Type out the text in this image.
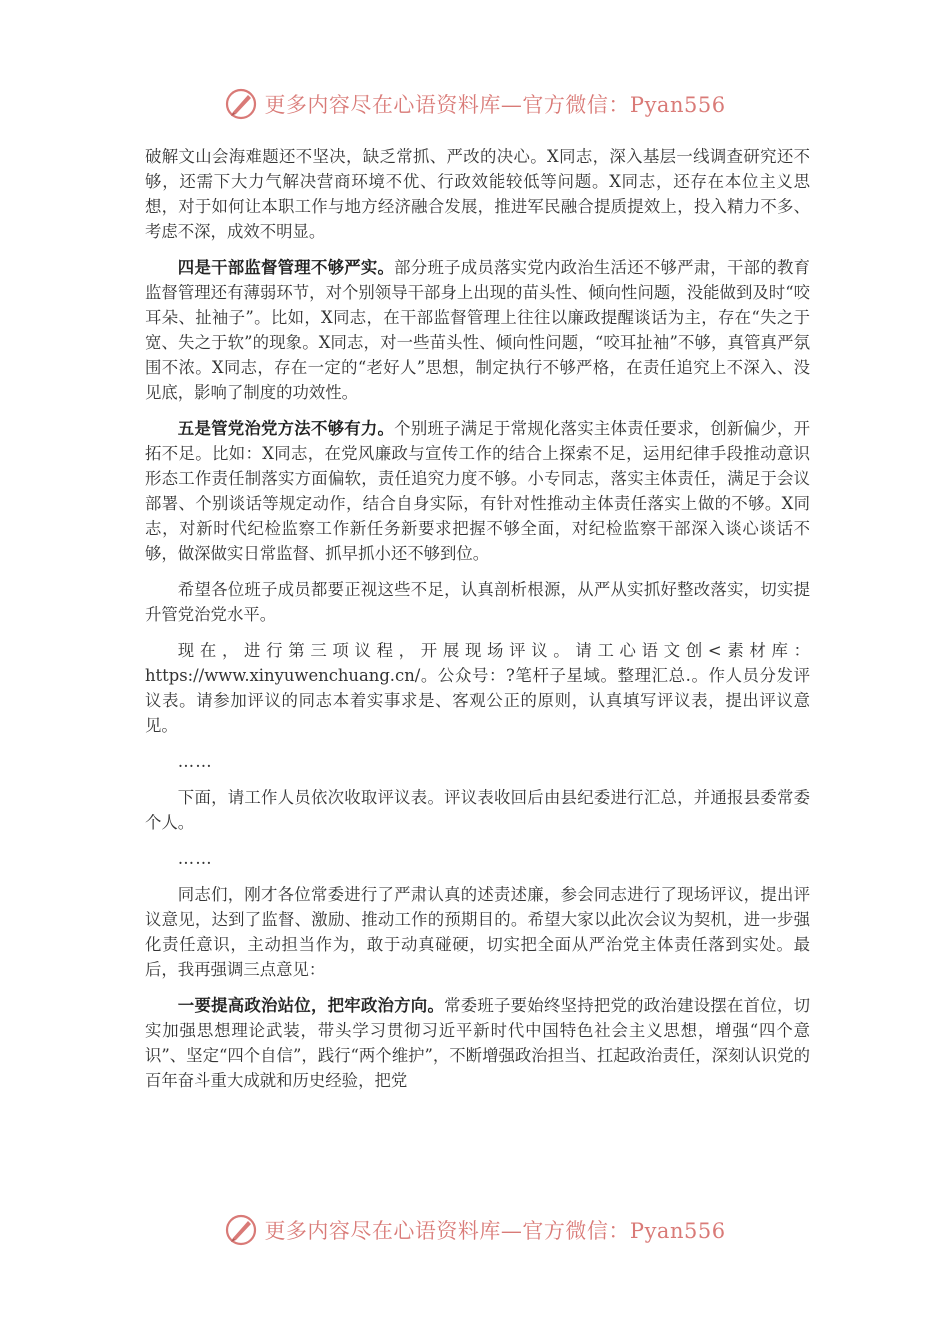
更多内容尽在心语资料库—官方微信：Pyan556

破解文山会海难题还不坚决，缺乏常抓、严改的决心。X同志，深入基层一线调查研究还不够，还需下大力气解决营商环境不优、行政效能较低等问题。X同志，还存在本位主义思想，对于如何让本职工作与地方经济融合发展，推进军民融合提质提效上，投入精力不多、考虑不深，成效不明显。

四是干部监督管理不够严实。部分班子成员落实党内政治生活还不够严肃，干部的教育监督管理还有薄弱环节，对个别领导干部身上出现的苗头性、倾向性问题，没能做到及时“咬耳朵、扯袖子”。比如，X同志，在干部监督管理上往往以廉政提醒谈话为主，存在“失之于宽、失之于软”的现象。X同志，对一些苗头性、倾向性问题，“咬耳扯袖”不够，真管真严氛围不浓。X同志，存在一定的“老好人”思想，制定执行不够严格，在责任追究上不深入、没见底，影响了制度的功效性。

五是管党治党方法不够有力。个别班子满足于常规化落实主体责任要求，创新偏少，开拓不足。比如：X同志，在党风廉政与宣传工作的结合上探索不足，运用纪律手段推动意识形态工作责任制落实方面偏软，责任追究力度不够。小专同志，落实主体责任，满足于会议部署、个别谈话等规定动作，结合自身实际，有针对性推动主体责任落实上做的不够。X同志，对新时代纪检监察工作新任务新要求把握不够全面，对纪检监察干部深入谈心谈话不够，做深做实日常监督、抓早抓小还不够到位。

希望各位班子成员都要正视这些不足，认真剖析根源，从严从实抓好整改落实，切实提升管党治党水平。

现在，进行第三项议程，开展现场评议。请工心语文创<素材库：https://www.xinyuwenchuang.cn/。公众号：?笔杆子星域。整理汇总.。作人员分发评议表。请参加评议的同志本着实事求是、客观公正的原则，认真填写评议表，提出评议意见。

……

下面，请工作人员依次收取评议表。评议表收回后由县纪委进行汇总，并通报县委常委个人。

……

同志们，刚才各位常委进行了严肃认真的述责述廉，参会同志进行了现场评议，提出评议意见，达到了监督、激励、推动工作的预期目的。希望大家以此次会议为契机，进一步强化责任意识，主动担当作为，敢于动真碰硬，切实把全面从严治党主体责任落到实处。最后，我再强调三点意见：

一要提高政治站位，把牢政治方向。常委班子要始终坚持把党的政治建设摆在首位，切实加强思想理论武装，带头学习贯彻习近平新时代中国特色社会主义思想，增强“四个意识”、坚定“四个自信”，践行“两个维护”，不断增强政治担当、扛起政治责任，深刻认识党的百年奋斗重大成就和历史经验，把党

更多内容尽在心语资料库—官方微信：Pyan556
